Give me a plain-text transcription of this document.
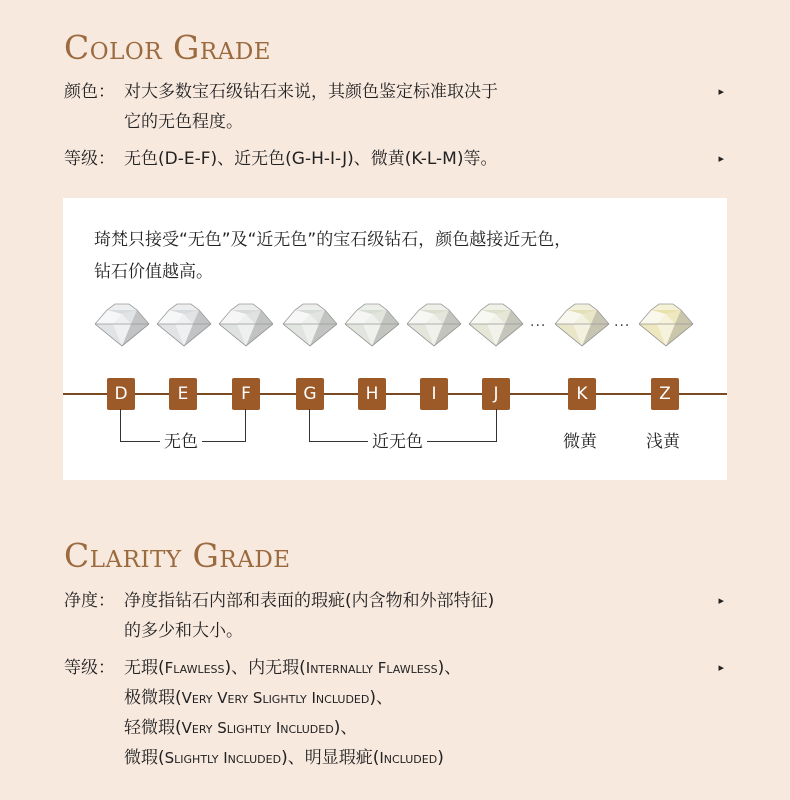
Color Grade
颜色： 对大多数宝石级钻石来说，其颜色鉴定标准取决于
它的无色程度。
▸
等级： 无色(D-E-F)、近无色(G-H-I-J)、微黄(K-L-M)等。	▸
琦梵只接受“无色”及“近无色”的宝石级钻石，颜色越接近无色，
钻石价值越高。
···	···
D	E	F	G	H	I	J	K	Z
无色	近无色	微黄	浅黄
Clarity Grade
净度： 净度指钻石内部和表面的瑕疵(内含物和外部特征)
的多少和大小。
▸
等级： 无瑕(Flawless)、内无瑕(Internally Flawless)、
极微瑕(Very Very Slightly Included)、
轻微瑕(Very Slightly Included)、
微瑕(Slightly Included)、明显瑕疵(Included)
▸
